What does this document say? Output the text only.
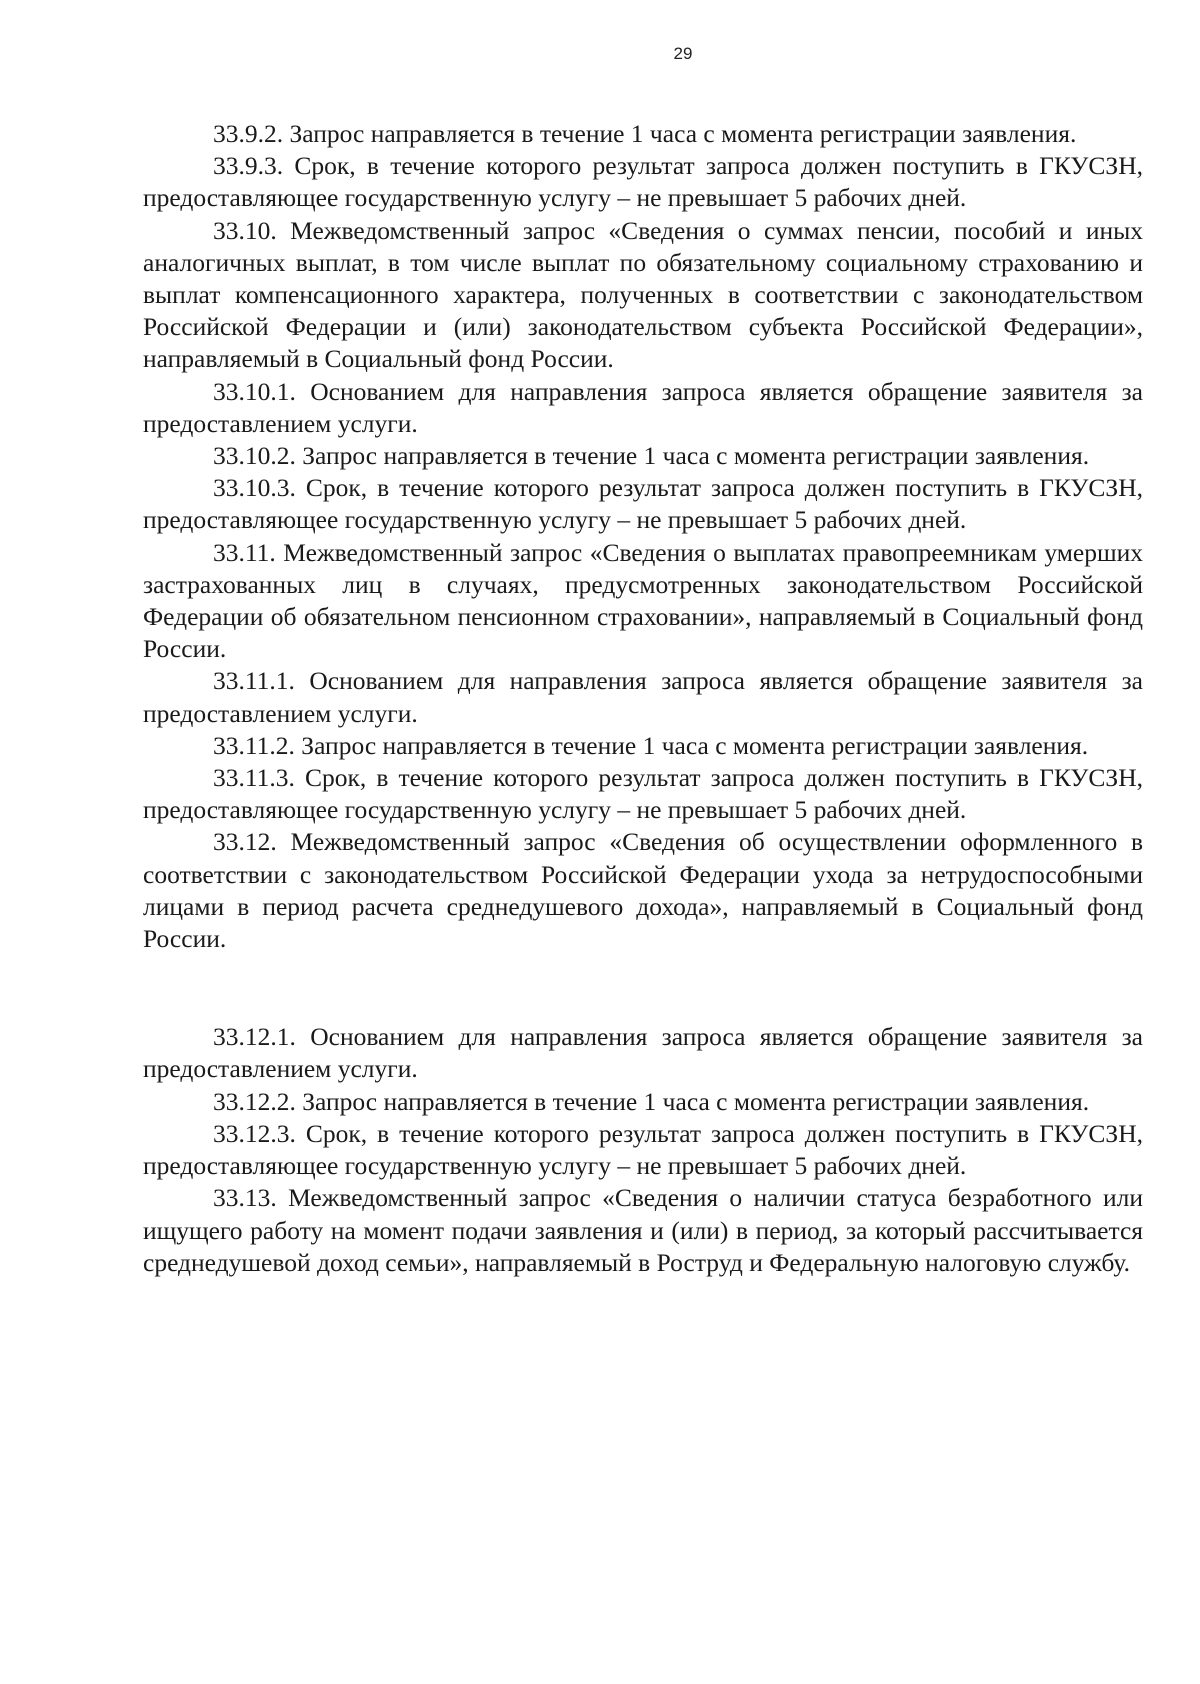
29

33.9.2. Запрос направляется в течение 1 часа с момента регистрации заявления.

33.9.3. Срок, в течение которого результат запроса должен поступить в ГКУСЗН, предоставляющее государственную услугу – не превышает 5 рабочих дней.

33.10. Межведомственный запрос «Сведения о суммах пенсии, пособий и иных аналогичных выплат, в том числе выплат по обязательному социальному страхованию и выплат компенсационного характера, полученных в соответствии с законодательством Российской Федерации и (или) законодательством субъекта Российской Федерации», направляемый в Социальный фонд России.

33.10.1. Основанием для направления запроса является обращение заявителя за предоставлением услуги.

33.10.2. Запрос направляется в течение 1 часа с момента регистрации заявления.

33.10.3. Срок, в течение которого результат запроса должен поступить в ГКУСЗН, предоставляющее государственную услугу – не превышает 5 рабочих дней.

33.11. Межведомственный запрос «Сведения о выплатах правопреемникам умерших застрахованных лиц в случаях, предусмотренных законодательством Российской Федерации об обязательном пенсионном страховании», направляемый в Социальный фонд России.

33.11.1. Основанием для направления запроса является обращение заявителя за предоставлением услуги.

33.11.2. Запрос направляется в течение 1 часа с момента регистрации заявления.

33.11.3. Срок, в течение которого результат запроса должен поступить в ГКУСЗН, предоставляющее государственную услугу – не превышает 5 рабочих дней.

33.12. Межведомственный запрос «Сведения об осуществлении оформленного в соответствии с законодательством Российской Федерации ухода за нетрудоспособными лицами в период расчета среднедушевого дохода», направляемый в Социальный фонд России.

33.12.1. Основанием для направления запроса является обращение заявителя за предоставлением услуги.

33.12.2. Запрос направляется в течение 1 часа с момента регистрации заявления.

33.12.3. Срок, в течение которого результат запроса должен поступить в ГКУСЗН, предоставляющее государственную услугу – не превышает 5 рабочих дней.

33.13. Межведомственный запрос «Сведения о наличии статуса безработного или ищущего работу на момент подачи заявления и (или) в период, за который рассчитывается среднедушевой доход семьи», направляемый в Роструд и Федеральную налоговую службу.
